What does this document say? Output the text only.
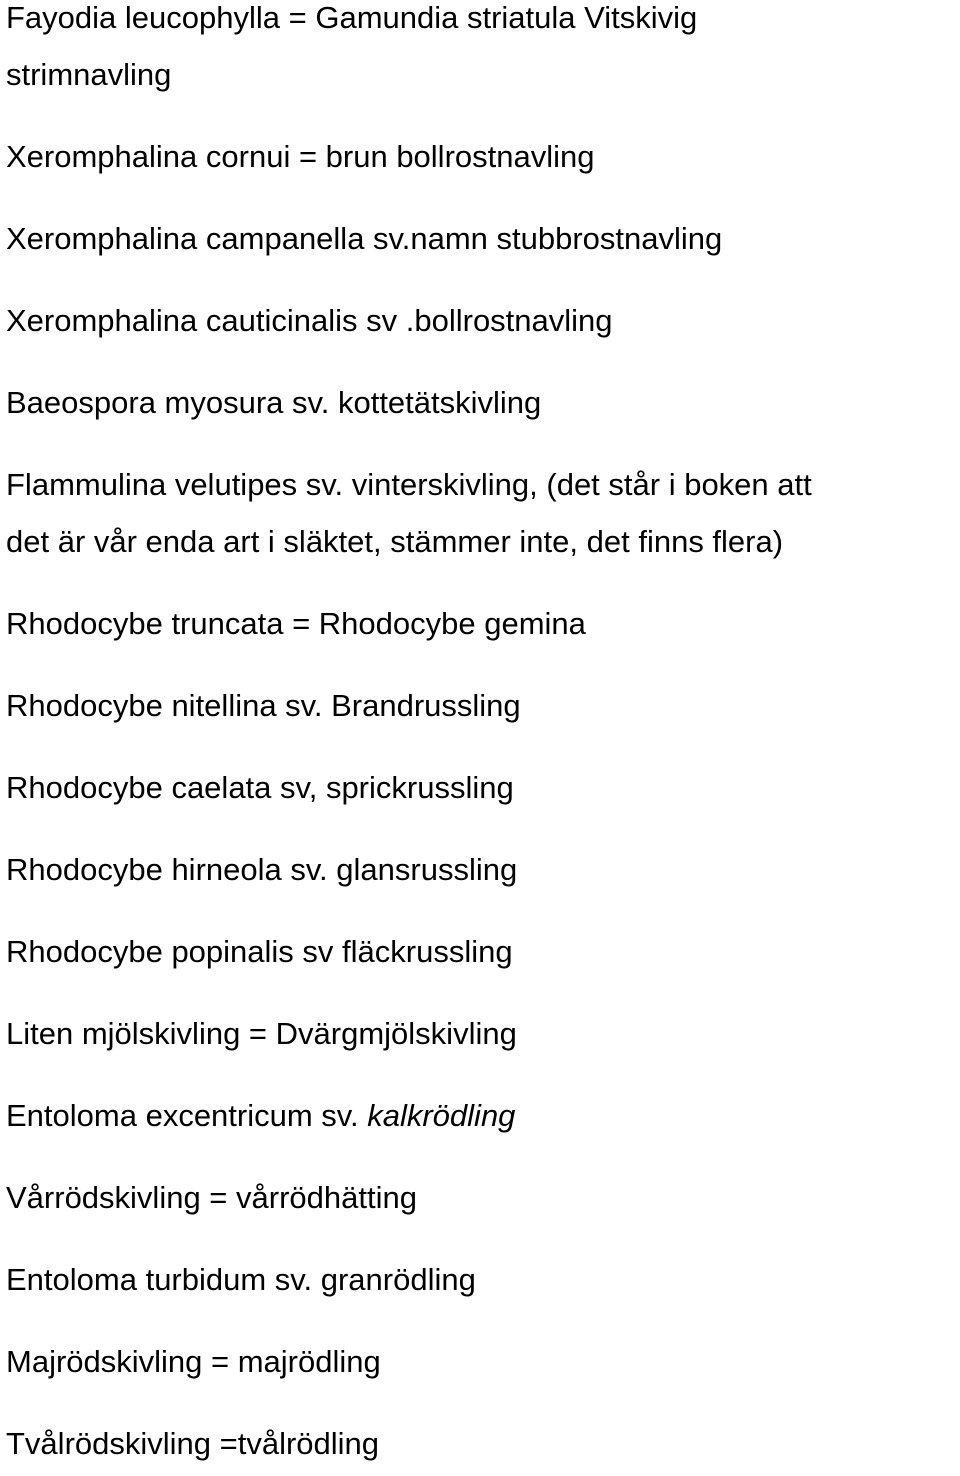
Fayodia leucophylla = Gamundia striatula Vitskivig
strimnavling
Xeromphalina cornui = brun bollrostnavling
Xeromphalina campanella sv.namn stubbrostnavling
Xeromphalina cauticinalis sv .bollrostnavling
Baeospora myosura sv. kottetätskivling
Flammulina velutipes sv. vinterskivling, (det står i boken att
det är vår enda art i släktet, stämmer inte, det finns flera)
Rhodocybe truncata = Rhodocybe gemina
Rhodocybe nitellina sv. Brandrussling
Rhodocybe caelata sv, sprickrussling
Rhodocybe hirneola sv. glansrussling
Rhodocybe popinalis sv fläckrussling
Liten mjölskivling = Dvärgmjölskivling
Entoloma excentricum sv. kalkrödling
Vårrödskivling = vårrödhätting
Entoloma turbidum sv. granrödling
Majrödskivling = majrödling
Tvålrödskivling =tvålrödling
